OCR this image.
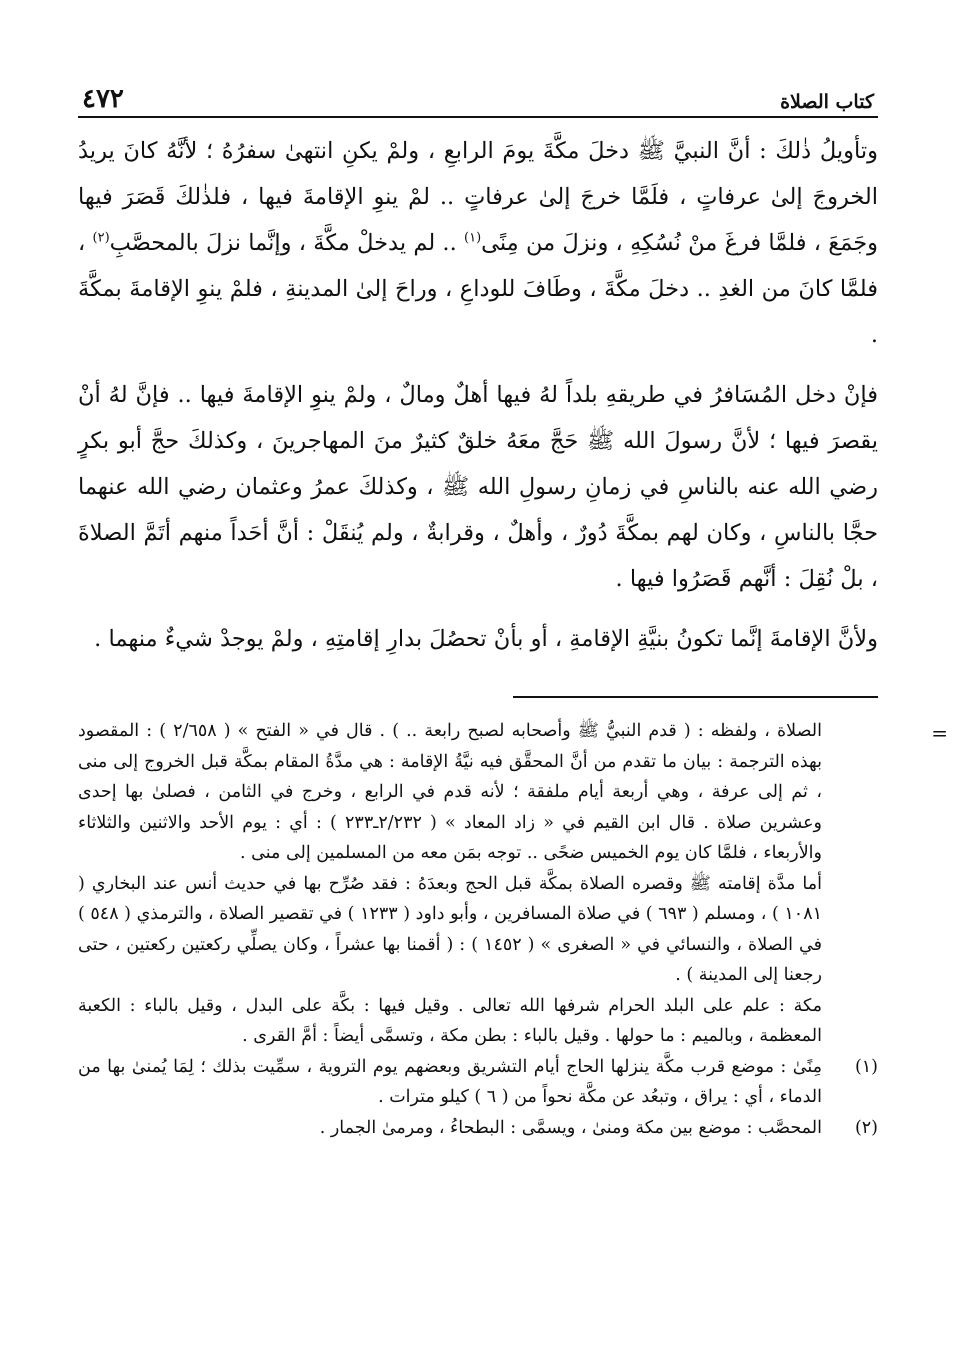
كتاب الصلاة
٤٧٢

وتأويلُ ذٰلكَ : أنَّ النبيَّ ﷺ دخلَ مكَّةَ يومَ الرابعِ ، ولمْ يكنِ انتهىٰ سفرُهُ ؛ لأنَّهُ كانَ يريدُ الخروجَ إلىٰ عرفاتٍ ، فلَمَّا خرجَ إلىٰ عرفاتٍ .. لمْ ينوِ الإقامةَ فيها ، فلذٰلكَ قَصَرَ فيها وجَمَعَ ، فلمَّا فرغَ منْ نُسُكِهِ ، ونزلَ من مِنًى$^{(١)}$ .. لم يدخلْ مكَّةَ ، وإنَّما نزلَ بالمحصَّبِ$^{(٢)}$ ، فلمَّا كانَ من الغدِ .. دخلَ مكَّةَ ، وطَافَ للوداعِ ، وراحَ إلىٰ المدينةِ ، فلمْ ينوِ الإقامةَ بمكَّةَ .

فإنْ دخل المُسَافرُ في طريقهِ بلداً لهُ فيها أهلٌ ومالٌ ، ولمْ ينوِ الإقامةَ فيها .. فإنَّ لهُ أنْ يقصرَ فيها ؛ لأنَّ رسولَ الله ﷺ حَجَّ معَهُ خلقٌ كثيرٌ منَ المهاجرينَ ، وكذلكَ حجَّ أبو بكرٍ رضي الله عنه بالناسِ في زمانِ رسولِ الله ﷺ ، وكذلكَ عمرُ وعثمان رضي الله عنهما حجَّا بالناسِ ، وكان لهم بمكَّةَ دُورٌ ، وأهلٌ ، وقرابةٌ ، ولم يُنقَلْ : أنَّ أحَداً منهم أتَمَّ الصلاةَ ، بلْ نُقِلَ : أنَّهم قَصَرُوا فيها .

ولأنَّ الإقامةَ إنَّما تكونُ بنيَّةِ الإقامةِ ، أو بأنْ تحصُلَ بدارِ إقامتِهِ ، ولمْ يوجدْ شيءٌ منهما .

=

الصلاة ، ولفظه : ( قدم النبيُّ ﷺ وأصحابه لصبح رابعة .. ) . قال في « الفتح » ( ٢/٦٥٨ ) : المقصود بهذه الترجمة : بيان ما تقدم من أنَّ المحقَّق فيه نيَّةُ الإقامة : هي مدَّةُ المقام بمكَّة قبل الخروج إلى منى ، ثم إلى عرفة ، وهي أربعة أيام ملفقة ؛ لأنه قدم في الرابع ، وخرج في الثامن ، فصلىٰ بها إحدى وعشرين صلاة . قال ابن القيم في « زاد المعاد » ( ٢/٢٣٢ـ٢٣٣ ) : أي : يوم الأحد والاثنين والثلاثاء والأربعاء ، فلمَّا كان يوم الخميس ضحًى .. توجه بمَن معه من المسلمين إلى منى .

أما مدَّة إقامته ﷺ وقصره الصلاة بمكَّة قبل الحج وبعدَهُ : فقد صُرِّح بها في حديث أنس عند البخاري ( ١٠٨١ ) ، ومسلم ( ٦٩٣ ) في صلاة المسافرين ، وأبو داود ( ١٢٣٣ ) في تقصير الصلاة ، والترمذي ( ٥٤٨ ) في الصلاة ، والنسائي في « الصغرى » ( ١٤٥٢ ) : ( أقمنا بها عشراً ، وكان يصلِّي ركعتين ركعتين ، حتى رجعنا إلى المدينة ) .

مكة : علم على البلد الحرام شرفها الله تعالى . وقيل فيها : بكَّة على البدل ، وقيل بالباء : الكعبة المعظمة ، وبالميم : ما حولها . وقيل بالباء : بطن مكة ، وتسمَّى أيضاً : أمَّ القرى .

(١)

مِنًىٰ : موضع قرب مكَّة ينزلها الحاج أيام التشريق وبعضهم يوم التروية ، سمِّيت بذلك ؛ لِمَا يُمنىٰ بها من الدماء ، أي : يراق ، وتبعُد عن مكَّة نحواً من ( ٦ ) كيلو مترات .

(٢)

المحصَّب : موضع بين مكة ومنىٰ ، ويسمَّى : البطحاءُ ، ومرمىٰ الجمار .
